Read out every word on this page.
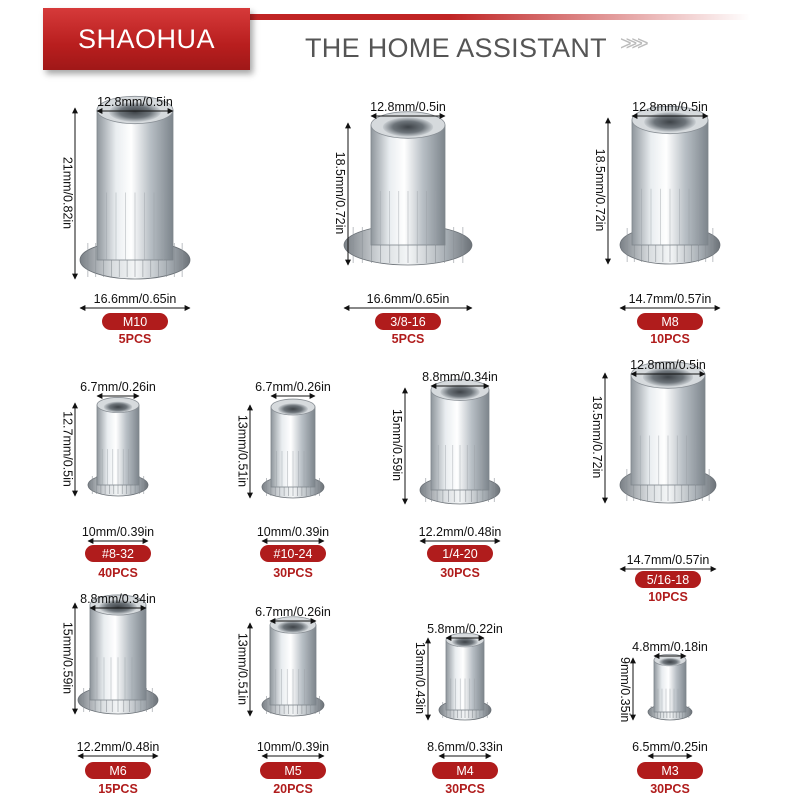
SHAOHUA	THE HOME ASSISTANT >>>>
12.8mm/0.5in
21mm/0.82in
16.6mm/0.65in
M10
5PCS
12.8mm/0.5in
18.5mm/0.72in
16.6mm/0.65in
3/8-16
5PCS
12.8mm/0.5in
18.5mm/0.72in
14.7mm/0.57in
M8
10PCS
6.7mm/0.26in
12.7mm/0.5in
10mm/0.39in
#8-32
40PCS
6.7mm/0.26in
13mm/0.51in
10mm/0.39in
#10-24
30PCS
8.8mm/0.34in
15mm/0.59in
12.2mm/0.48in
1/4-20
30PCS
12.8mm/0.5in
18.5mm/0.72in
14.7mm/0.57in
5/16-18
10PCS
8.8mm/0.34in
15mm/0.59in
12.2mm/0.48in
M6
15PCS
6.7mm/0.26in
13mm/0.51in
10mm/0.39in
M5
20PCS
5.8mm/0.22in
13mm/0.43in
8.6mm/0.33in
M4
30PCS
4.8mm/0.18in
9mm/0.35in
6.5mm/0.25in
M3
30PCS
